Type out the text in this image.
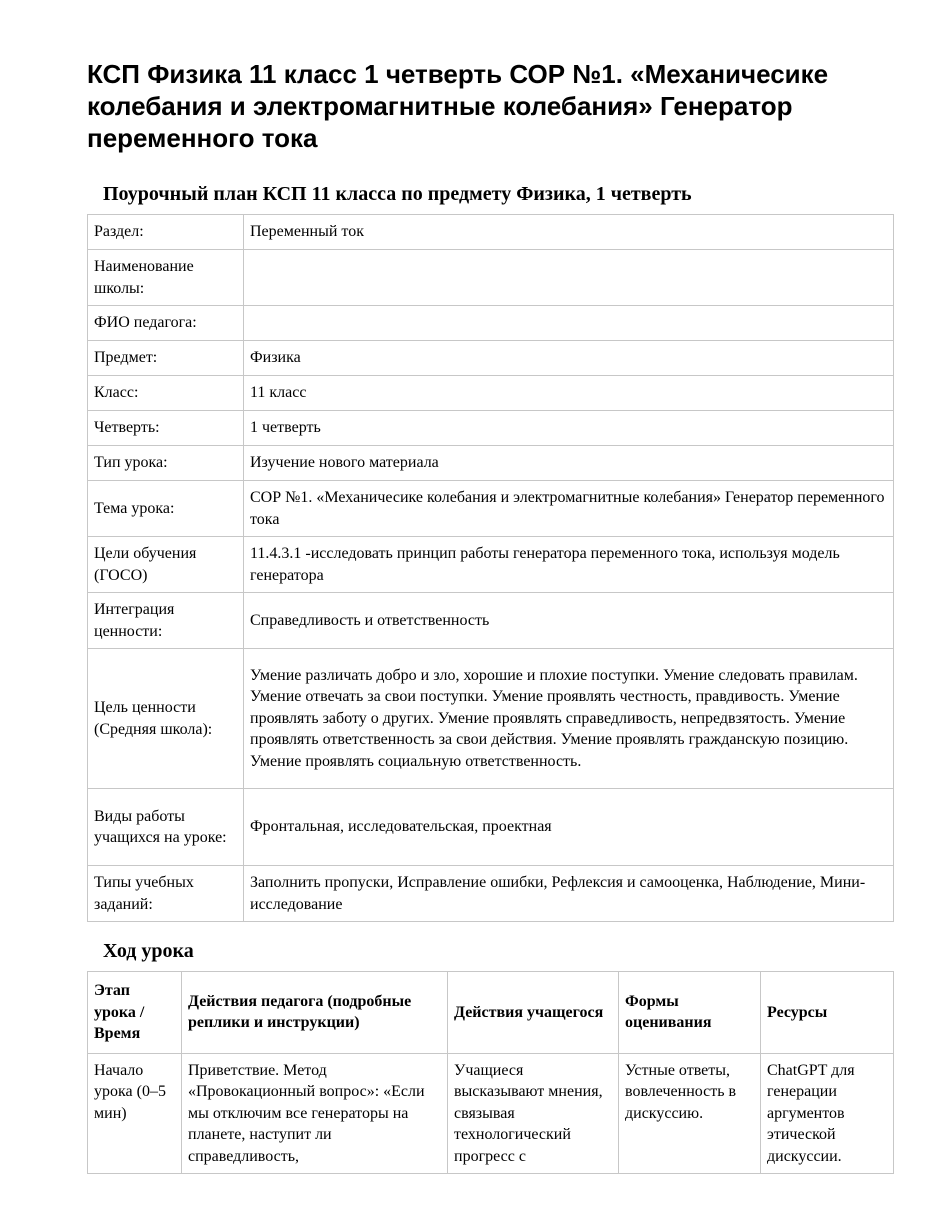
КСП Физика 11 класс 1 четверть СОР №1. «Механичесике колебания и электромагнитные колебания» Генератор переменного тока
Поурочный план КСП 11 класса по предмету Физика, 1 четверть
Раздел:	Переменный ток
Наименование школы:	
ФИО педагога:	
Предмет:	Физика
Класс:	11 класс
Четверть:	1 четверть
Тип урока:	Изучение нового материала
Тема урока:	СОР №1. «Механичесике колебания и электромагнитные колебания» Генератор переменного тока
Цели обучения (ГОСО)	11.4.3.1 -исследовать принцип работы генератора переменного тока, используя модель генератора
Интеграция ценности:	Справедливость и ответственность
Цель ценности (Средняя школа):	Умение различать добро и зло, хорошие и плохие поступки. Умение следовать правилам. Умение отвечать за свои поступки. Умение проявлять честность, правдивость. Умение проявлять заботу о других. Умение проявлять справедливость, непредвзятость. Умение проявлять ответственность за свои действия. Умение проявлять гражданскую позицию. Умение проявлять социальную ответственность.
Виды работы учащихся на уроке:	Фронтальная, исследовательская, проектная
Типы учебных заданий:	Заполнить пропуски, Исправление ошибки, Рефлексия и самооценка, Наблюдение, Мини-исследование
Ход урока
Этап урока / Время	Действия педагога (подробные реплики и инструкции)	Действия учащегося	Формы оценивания	Ресурсы
Начало урока (0–5 мин)	Приветствие. Метод «Провокационный вопрос»: «Если мы отключим все генераторы на планете, наступит ли справедливость,	Учащиеся высказывают мнения, связывая технологический прогресс с	Устные ответы, вовлеченность в дискуссию.	ChatGPT для генерации аргументов этической дискуссии.
